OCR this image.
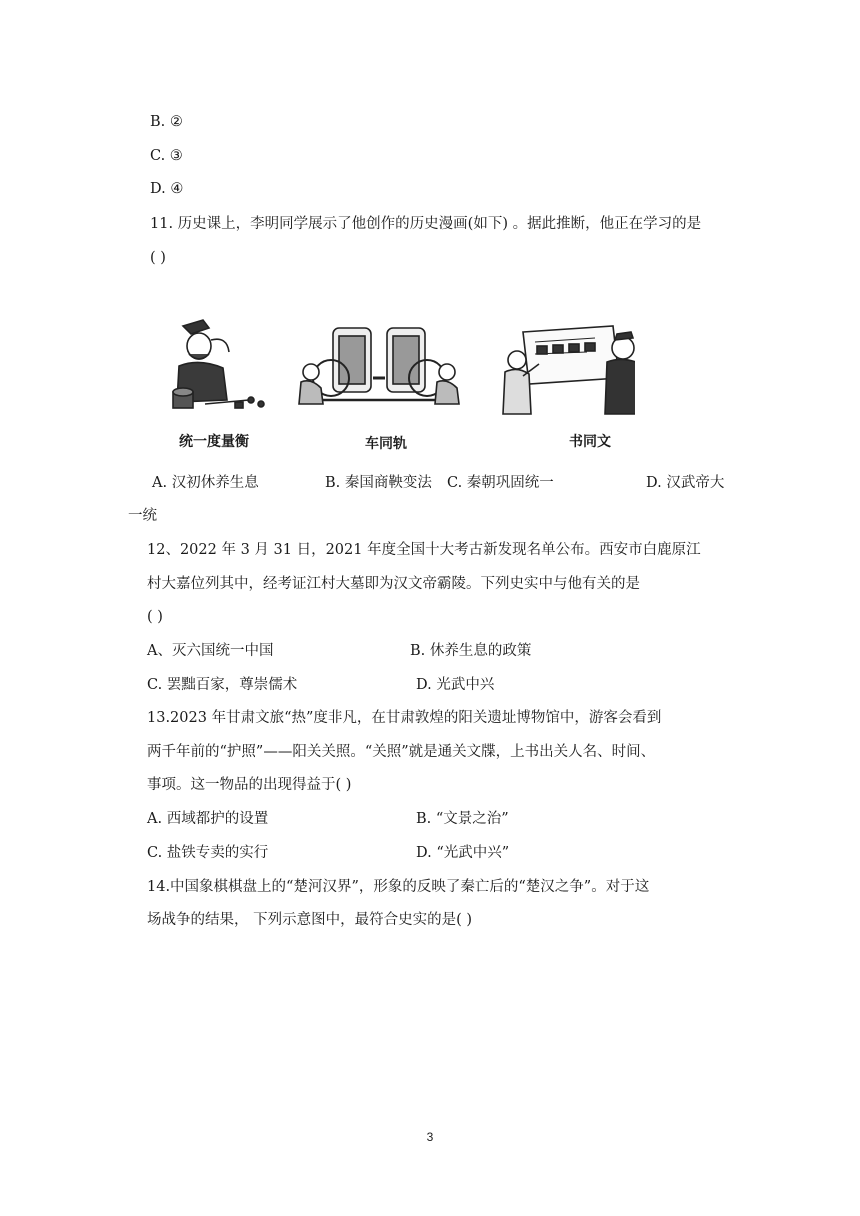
B. ②
C. ③
D. ④
11. 历史课上，李明同学展示了他创作的历史漫画(如下) 。据此推断，他正在学习的是
( )
统一度量衡	车同轨	书同文
A. 汉初休养生息	B. 秦国商鞅变法 C. 秦朝巩固统一	D. 汉武帝大
一统
12、2022 年 3 月 31 日，2021 年度全国十大考古新发现名单公布。西安市白鹿原江
村大嘉位列其中，经考证江村大墓即为汉文帝霸陵。下列史实中与他有关的是
( )
A、灭六国统一中国	B. 休养生息的政策
C. 罢黜百家，尊崇儒术	D. 光武中兴
13.2023 年甘肃文旅“热”度非凡，在甘肃敦煌的阳关遗址博物馆中，游客会看到
两千年前的“护照”——阳关关照。“关照”就是通关文牒，上书出关人名、时间、
事项。这一物品的出现得益于( )
A. 西域都护的设置	B. “文景之治”
C. 盐铁专卖的实行	D. “光武中兴”
14.中国象棋棋盘上的“楚河汉界”，形象的反映了秦亡后的“楚汉之争”。对于这
场战争的结果， 下列示意图中，最符合史实的是( )
3
